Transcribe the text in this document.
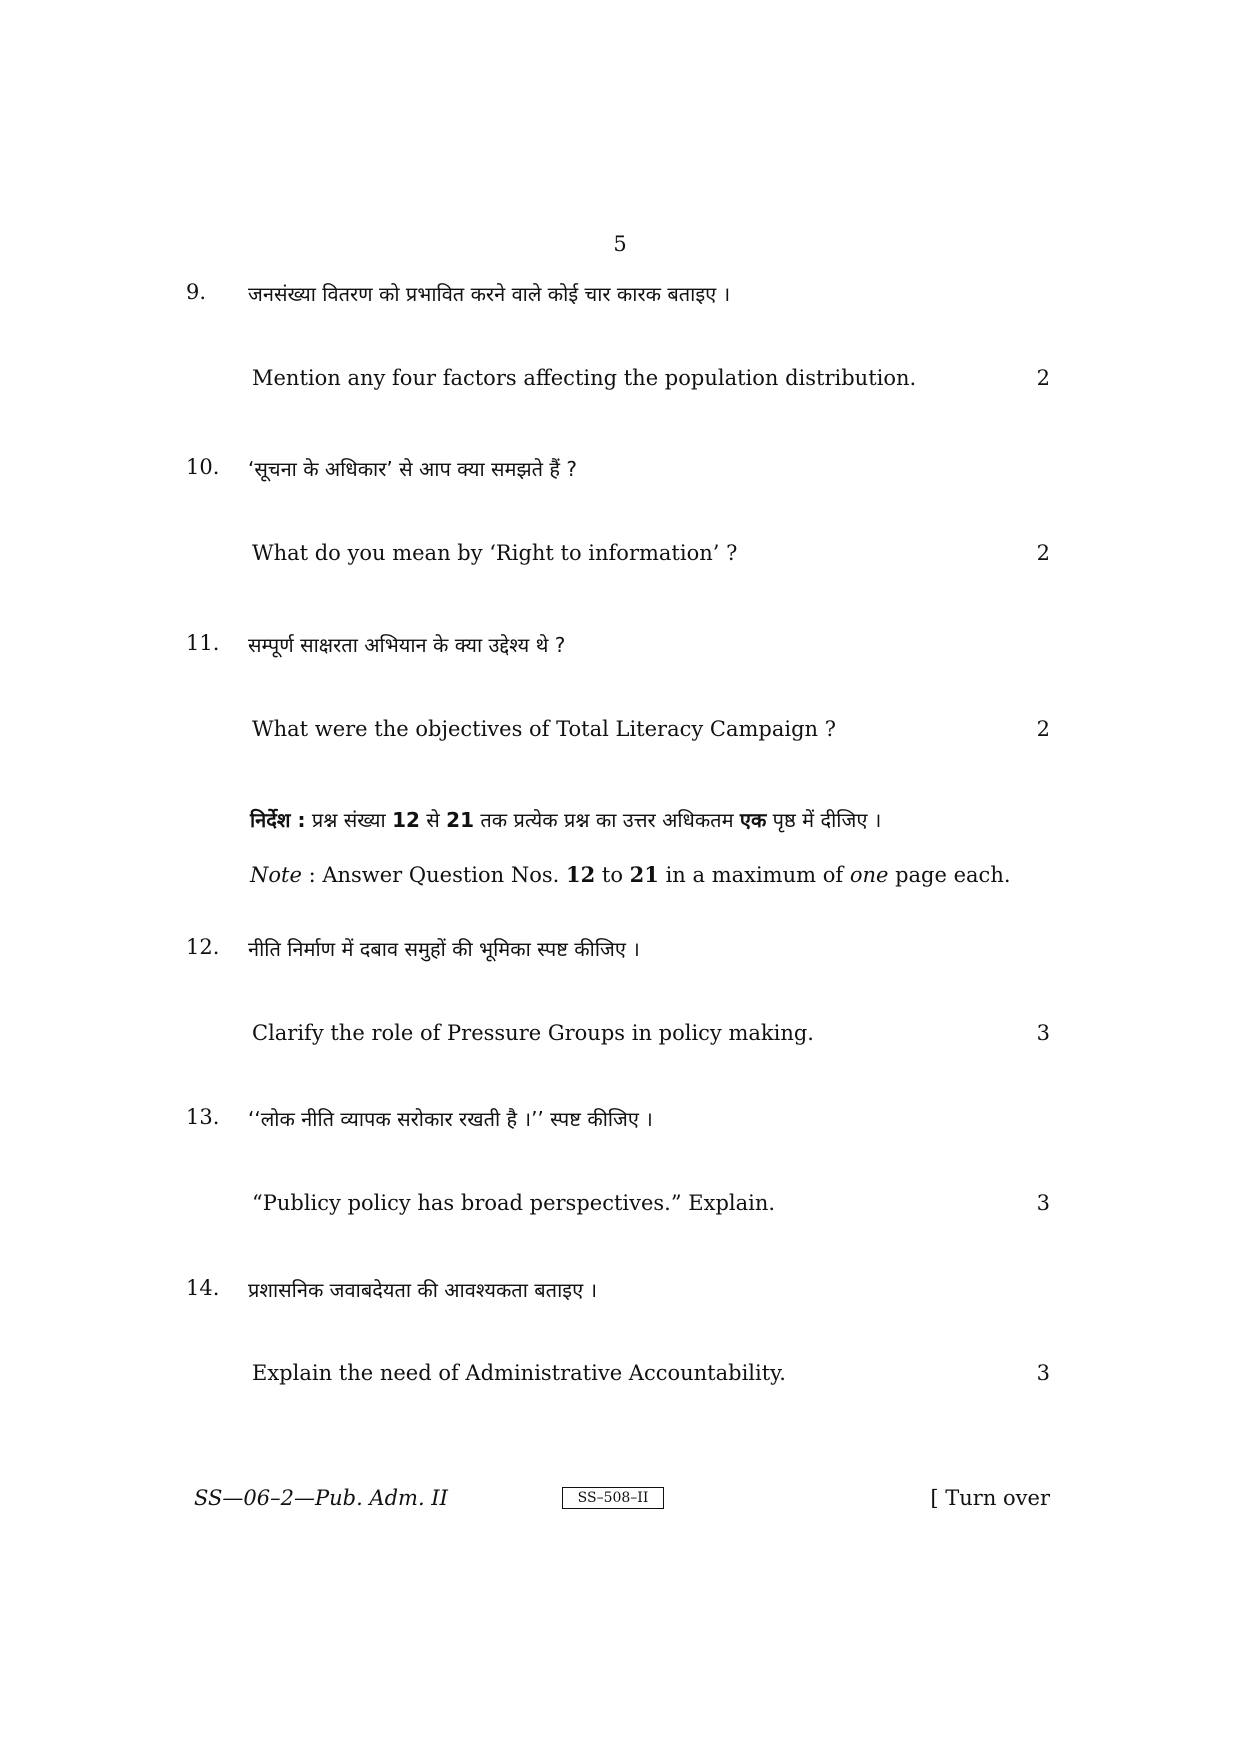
5
9. जनसंख्या वितरण को प्रभावित करने वाले कोई चार कारक बताइए ।
Mention any four factors affecting the population distribution.	2
10. ‘सूचना के अधिकार’ से आप क्या समझते हैं ?
What do you mean by ‘Right to information’ ?	2
11. सम्पूर्ण साक्षरता अभियान के क्या उद्देश्य थे ?
What were the objectives of Total Literacy Campaign ?	2
निर्देश : प्रश्न संख्या 12 से 21 तक प्रत्येक प्रश्न का उत्तर अधिकतम एक पृष्ठ में दीजिए ।
Note : Answer Question Nos. 12 to 21 in a maximum of one page each.
12. नीति निर्माण में दबाव समुहों की भूमिका स्पष्ट कीजिए ।
Clarify the role of Pressure Groups in policy making.	3
13. ‘‘लोक नीति व्यापक सरोकार रखती है ।’’ स्पष्ट कीजिए ।
“Publicy policy has broad perspectives.” Explain.	3
14. प्रशासनिक जवाबदेयता की आवश्यकता बताइए ।
Explain the need of Administrative Accountability.	3
SS—06–2—Pub. Adm. II	SS–508–II	[ Turn over
